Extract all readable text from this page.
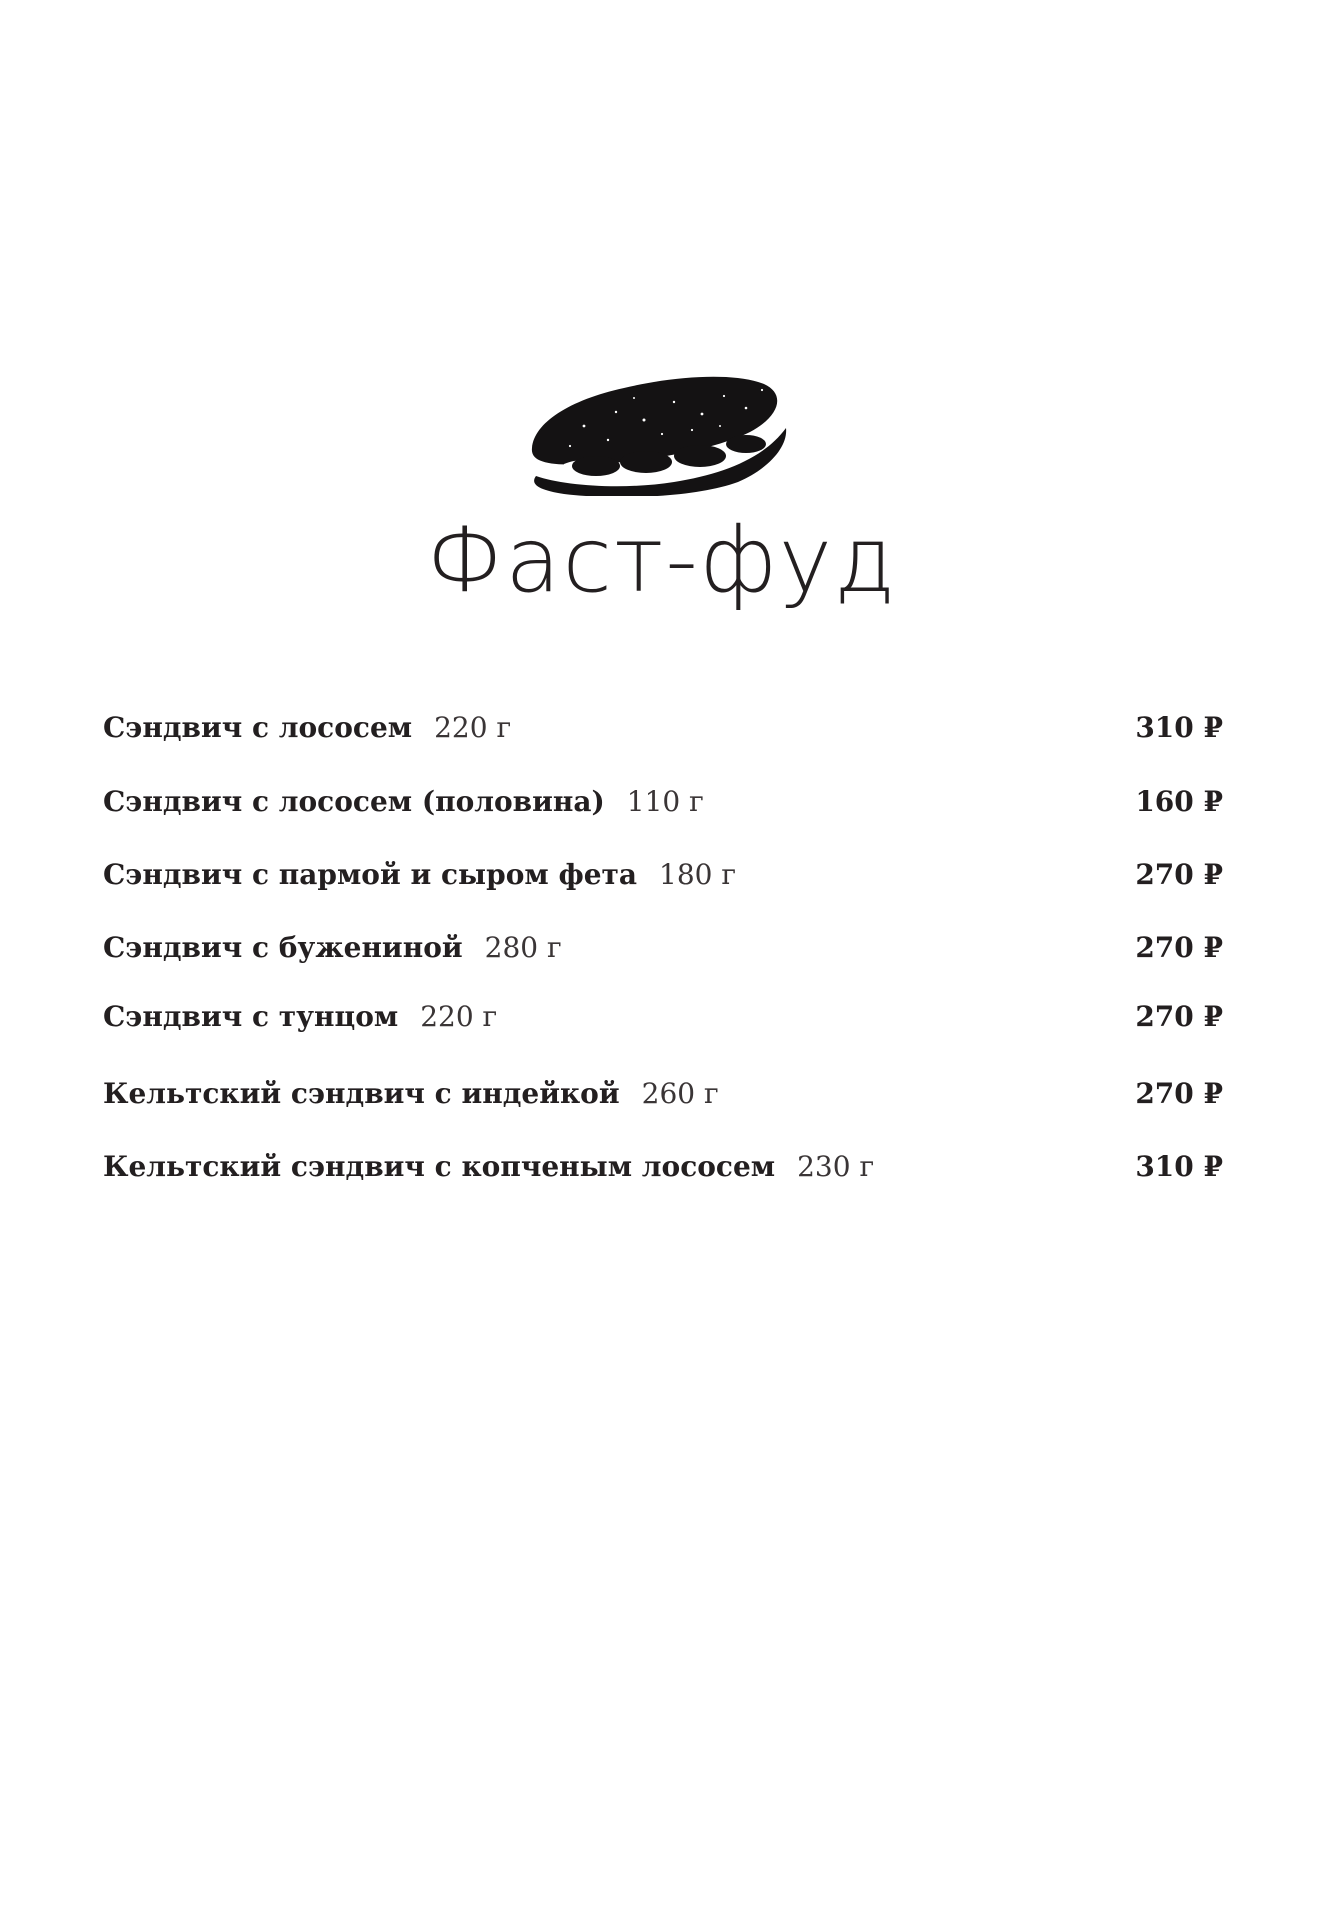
Фаст-фуд
Сэндвич с лососем 220 г	310 ₽
Сэндвич с лососем (половина) 110 г	160 ₽
Сэндвич с пармой и сыром фета 180 г	270 ₽
Сэндвич с бужениной 280 г	270 ₽
Сэндвич с тунцом 220 г	270 ₽
Кельтский сэндвич с индейкой 260 г	270 ₽
Кельтский сэндвич с копченым лососем 230 г	310 ₽
